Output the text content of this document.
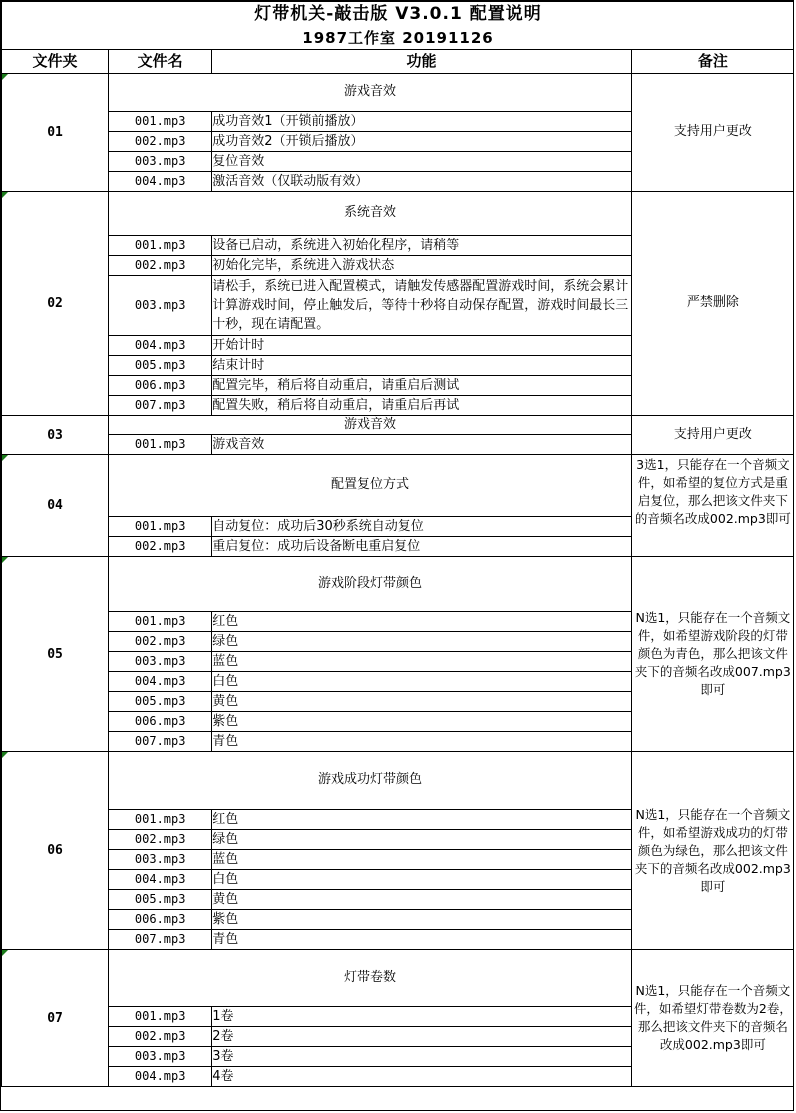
灯带机关-敲击版 V3.0.1 配置说明
1987工作室 20191126			

文件夹	文件名	功能	备注

01	游戏音效		支持用户更改
	001.mp3	成功音效1（开锁前播放）	
	002.mp3	成功音效2（开锁后播放）	
	003.mp3	复位音效	
	004.mp3	激活音效（仅联动版有效）	

02	系统音效		严禁删除
	001.mp3	设备已启动，系统进入初始化程序，请稍等	
	002.mp3	初始化完毕，系统进入游戏状态	
	003.mp3	请松手，系统已进入配置模式，请触发传感器配置游戏时间，系统会累计计算游戏时间，停止触发后，等待十秒将自动保存配置，游戏时间最长三十秒，现在请配置。	
	004.mp3	开始计时	
	005.mp3	结束计时	
	006.mp3	配置完毕，稍后将自动重启，请重启后测试	
	007.mp3	配置失败，稍后将自动重启，请重启后再试	
03	游戏音效		支持用户更改
	001.mp3	游戏音效	

04	配置复位方式		3选1，只能存在一个音频文件，如希望的复位方式是重启复位，那么把该文件夹下的音频名改成002.mp3即可
	001.mp3	自动复位：成功后30秒系统自动复位	
	002.mp3	重启复位：成功后设备断电重启复位	

05	游戏阶段灯带颜色		N选1，只能存在一个音频文件，如希望游戏阶段的灯带颜色为青色，那么把该文件夹下的音频名改成007.mp3即可
	001.mp3	红色	
	002.mp3	绿色	
	003.mp3	蓝色	
	004.mp3	白色	
	005.mp3	黄色	
	006.mp3	紫色	
	007.mp3	青色	

06	游戏成功灯带颜色		N选1，只能存在一个音频文件，如希望游戏成功的灯带颜色为绿色，那么把该文件夹下的音频名改成002.mp3即可
	001.mp3	红色	
	002.mp3	绿色	
	003.mp3	蓝色	
	004.mp3	白色	
	005.mp3	黄色	
	006.mp3	紫色	
	007.mp3	青色	

07	灯带卷数		N选1，只能存在一个音频文件，如希望灯带卷数为2卷，那么把该文件夹下的音频名改成002.mp3即可
	001.mp3	1卷	
	002.mp3	2卷	
	003.mp3	3卷	
	004.mp3	4卷	
